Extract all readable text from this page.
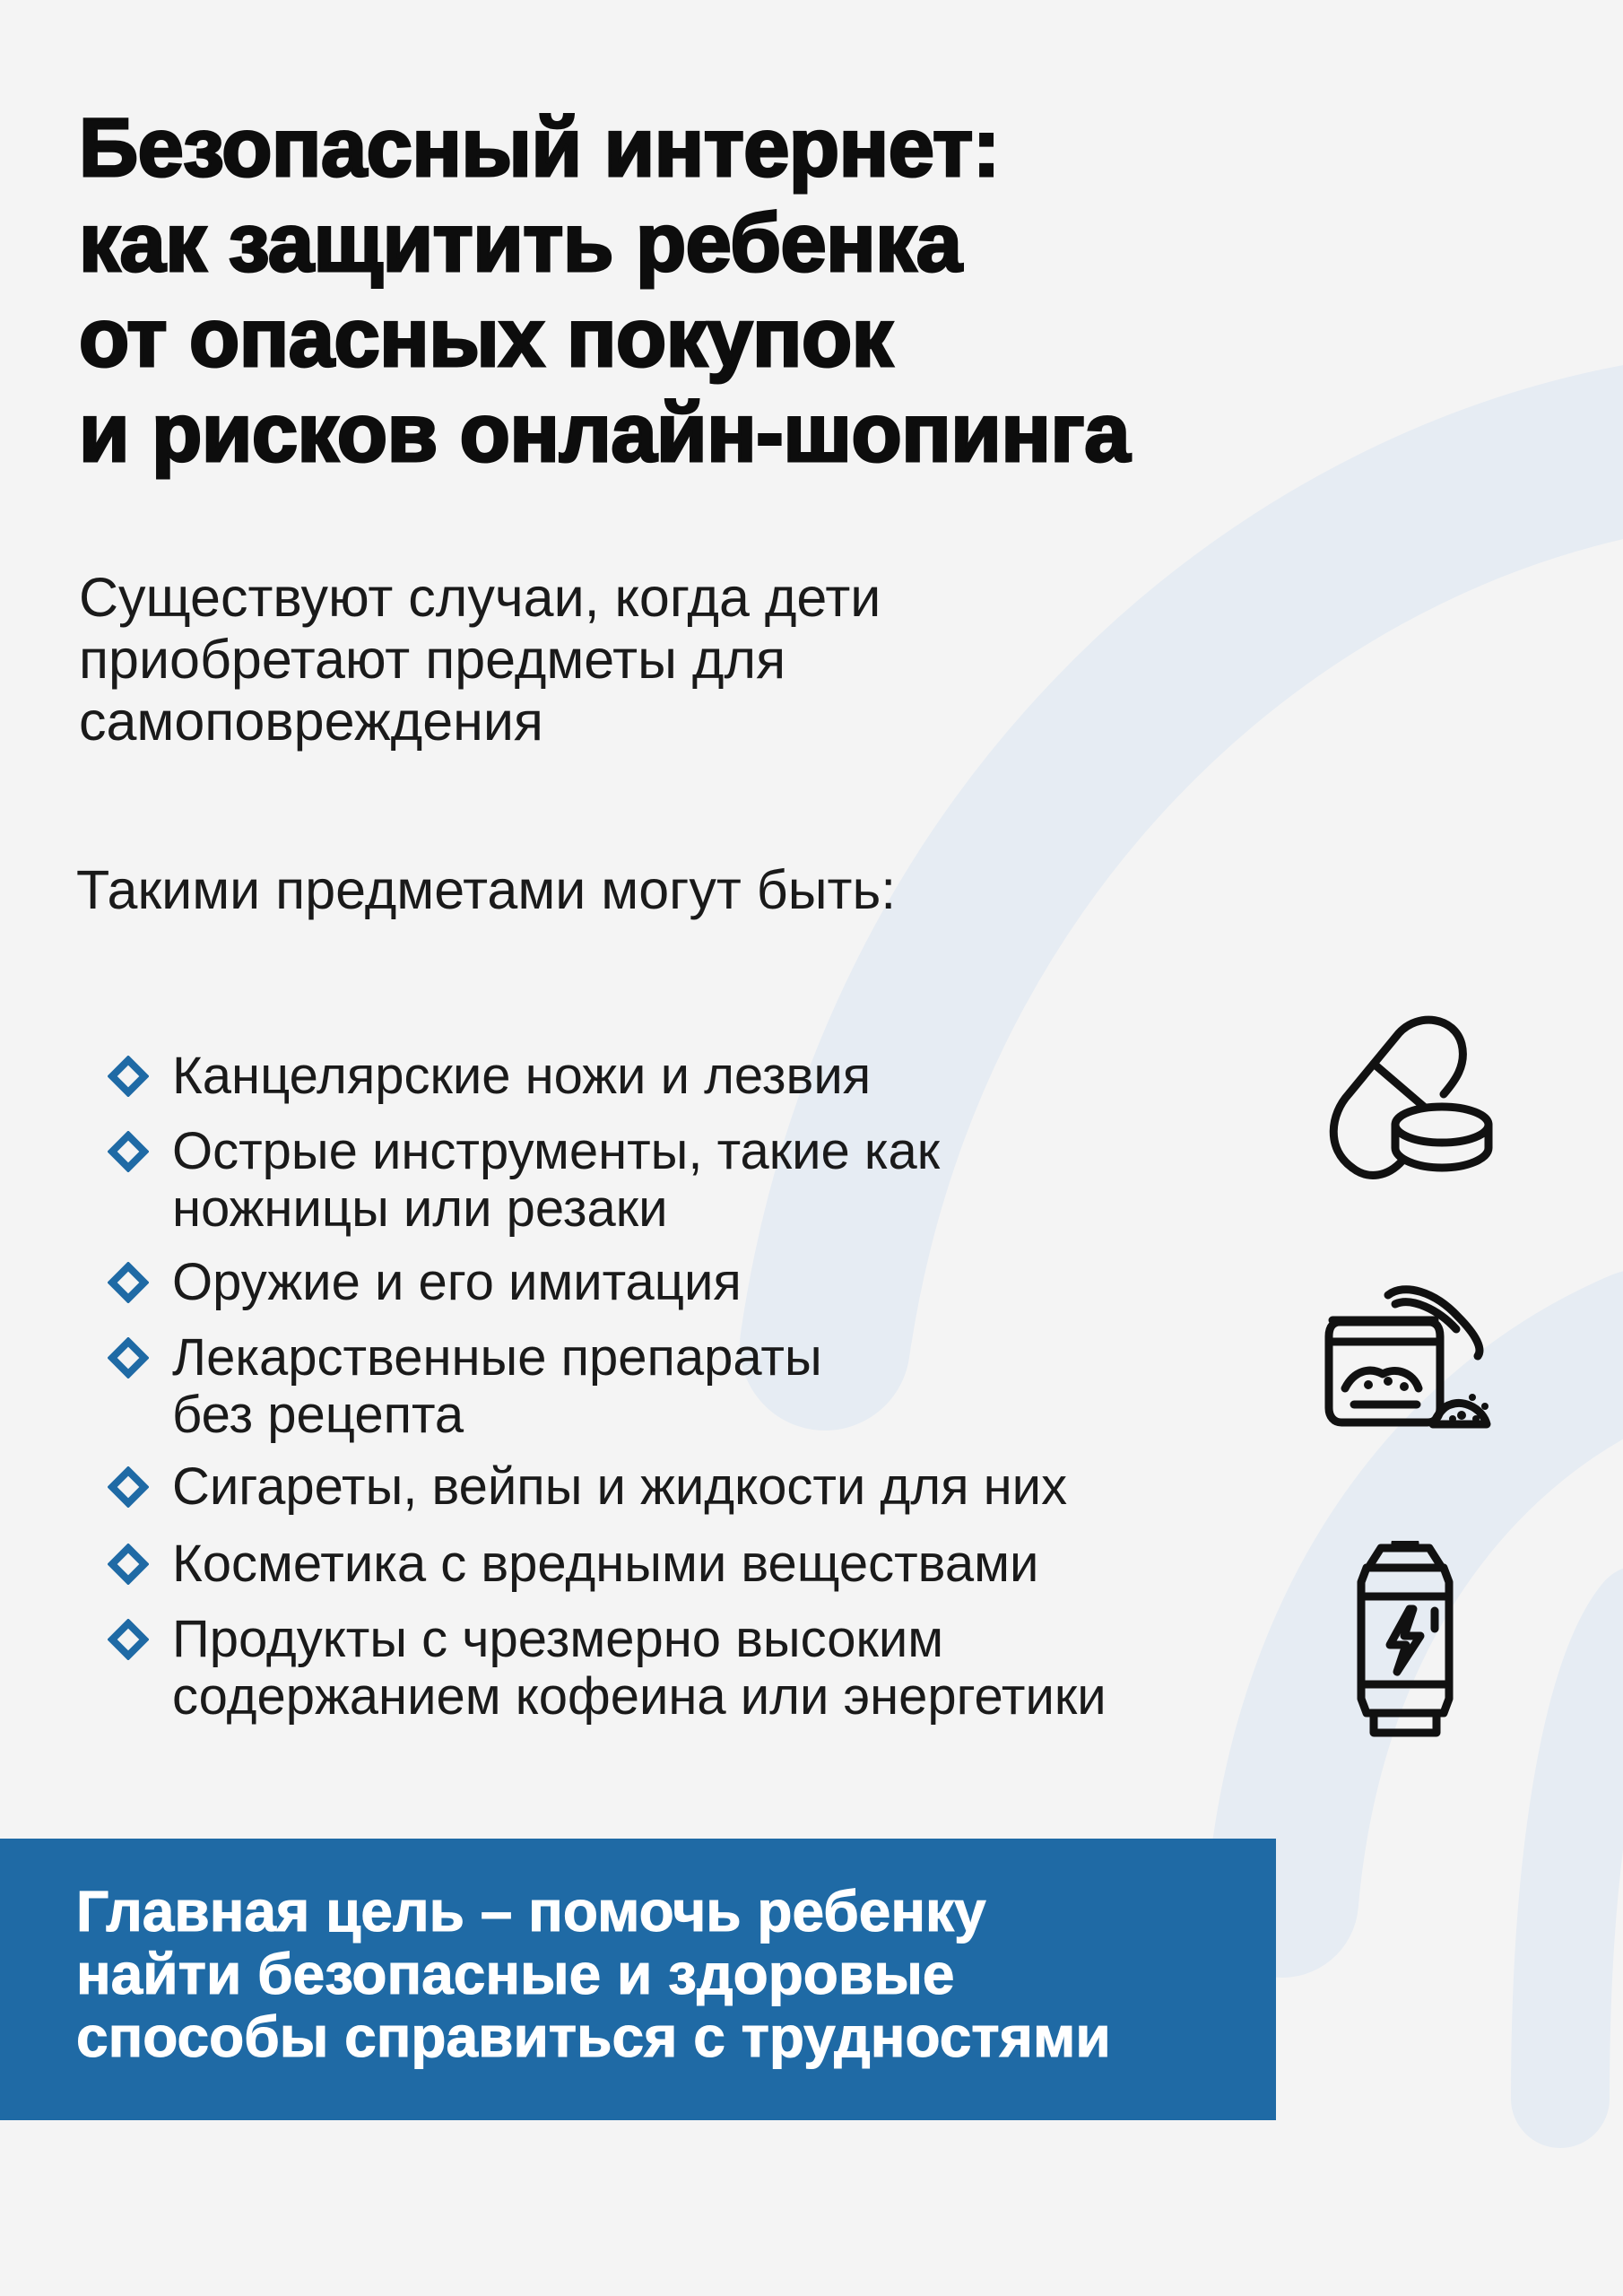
Безопасный интернет:
как защитить ребенка
от опасных покупок
и рисков онлайн-шопинга
Существуют случаи, когда дети
приобретают предметы для
самоповреждения
Такими предметами могут быть:
Канцелярские ножи и лезвия
Острые инструменты, такие как
ножницы или резаки
Оружие и его имитация
Лекарственные препараты
без рецепта
Сигареты, вейпы и жидкости для них
Косметика с вредными веществами
Продукты с чрезмерно высоким
содержанием кофеина или энергетики
Главная цель – помочь ребенку
найти безопасные и здоровые
способы справиться с трудностями
